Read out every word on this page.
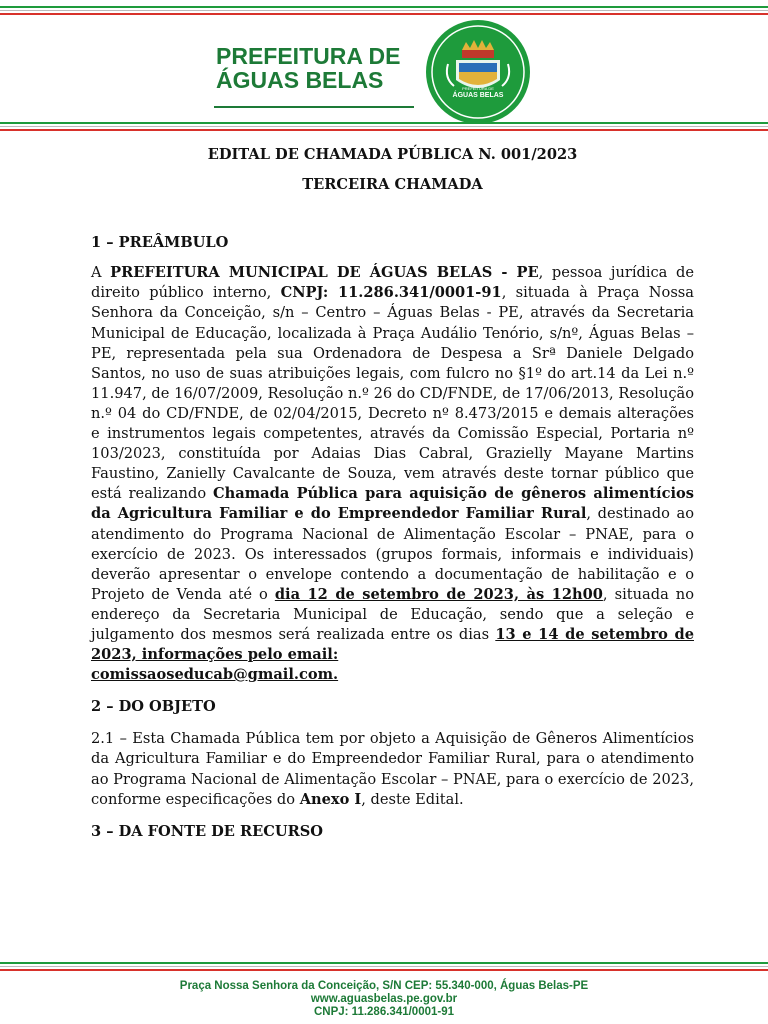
PREFEITURA DE
ÁGUAS BELAS	PREFEITURA DE
ÁGUAS BELAS
EDITAL DE CHAMADA PÚBLICA N. 001/2023
TERCEIRA CHAMADA
1 – PREÂMBULO
A PREFEITURA MUNICIPAL DE ÁGUAS BELAS - PE, pessoa jurídica de direito público interno, CNPJ: 11.286.341/0001-91, situada à Praça Nossa Senhora da Conceição, s/n – Centro – Águas Belas - PE, através da Secretaria Municipal de Educação, localizada à Praça Audálio Tenório, s/nº, Águas Belas – PE, representada pela sua Ordenadora de Despesa a Srª Daniele Delgado Santos, no uso de suas atribuições legais, com fulcro no §1º do art.14 da Lei n.º 11.947, de 16/07/2009, Resolução n.º 26 do CD/FNDE, de 17/06/2013, Resolução n.º 04 do CD/FNDE, de 02/04/2015, Decreto nº 8.473/2015 e demais alterações e instrumentos legais competentes, através da Comissão Especial, Portaria nº 103/2023, constituída por Adaias Dias Cabral, Grazielly Mayane Martins Faustino, Zanielly Cavalcante de Souza, vem através deste tornar público que está realizando Chamada Pública para aquisição de gêneros alimentícios da Agricultura Familiar e do Empreendedor Familiar Rural, destinado ao atendimento do Programa Nacional de Alimentação Escolar – PNAE, para o exercício de 2023. Os interessados (grupos formais, informais e individuais) deverão apresentar o envelope contendo a documentação de habilitação e o Projeto de Venda até o dia 12 de setembro de 2023, às 12h00, situada no endereço da Secretaria Municipal de Educação, sendo que a seleção e julgamento dos mesmos será realizada entre os dias 13 e 14 de setembro de 2023, informações pelo email:
comissaoseducab@gmail.com.
2 – DO OBJETO
2.1 – Esta Chamada Pública tem por objeto a Aquisição de Gêneros Alimentícios da Agricultura Familiar e do Empreendedor Familiar Rural, para o atendimento ao Programa Nacional de Alimentação Escolar – PNAE, para o exercício de 2023, conforme especificações do Anexo I, deste Edital.
3 – DA FONTE DE RECURSO
Praça Nossa Senhora da Conceição, S/N CEP: 55.340-000, Águas Belas-PE
www.aguasbelas.pe.gov.br
CNPJ: 11.286.341/0001-91
